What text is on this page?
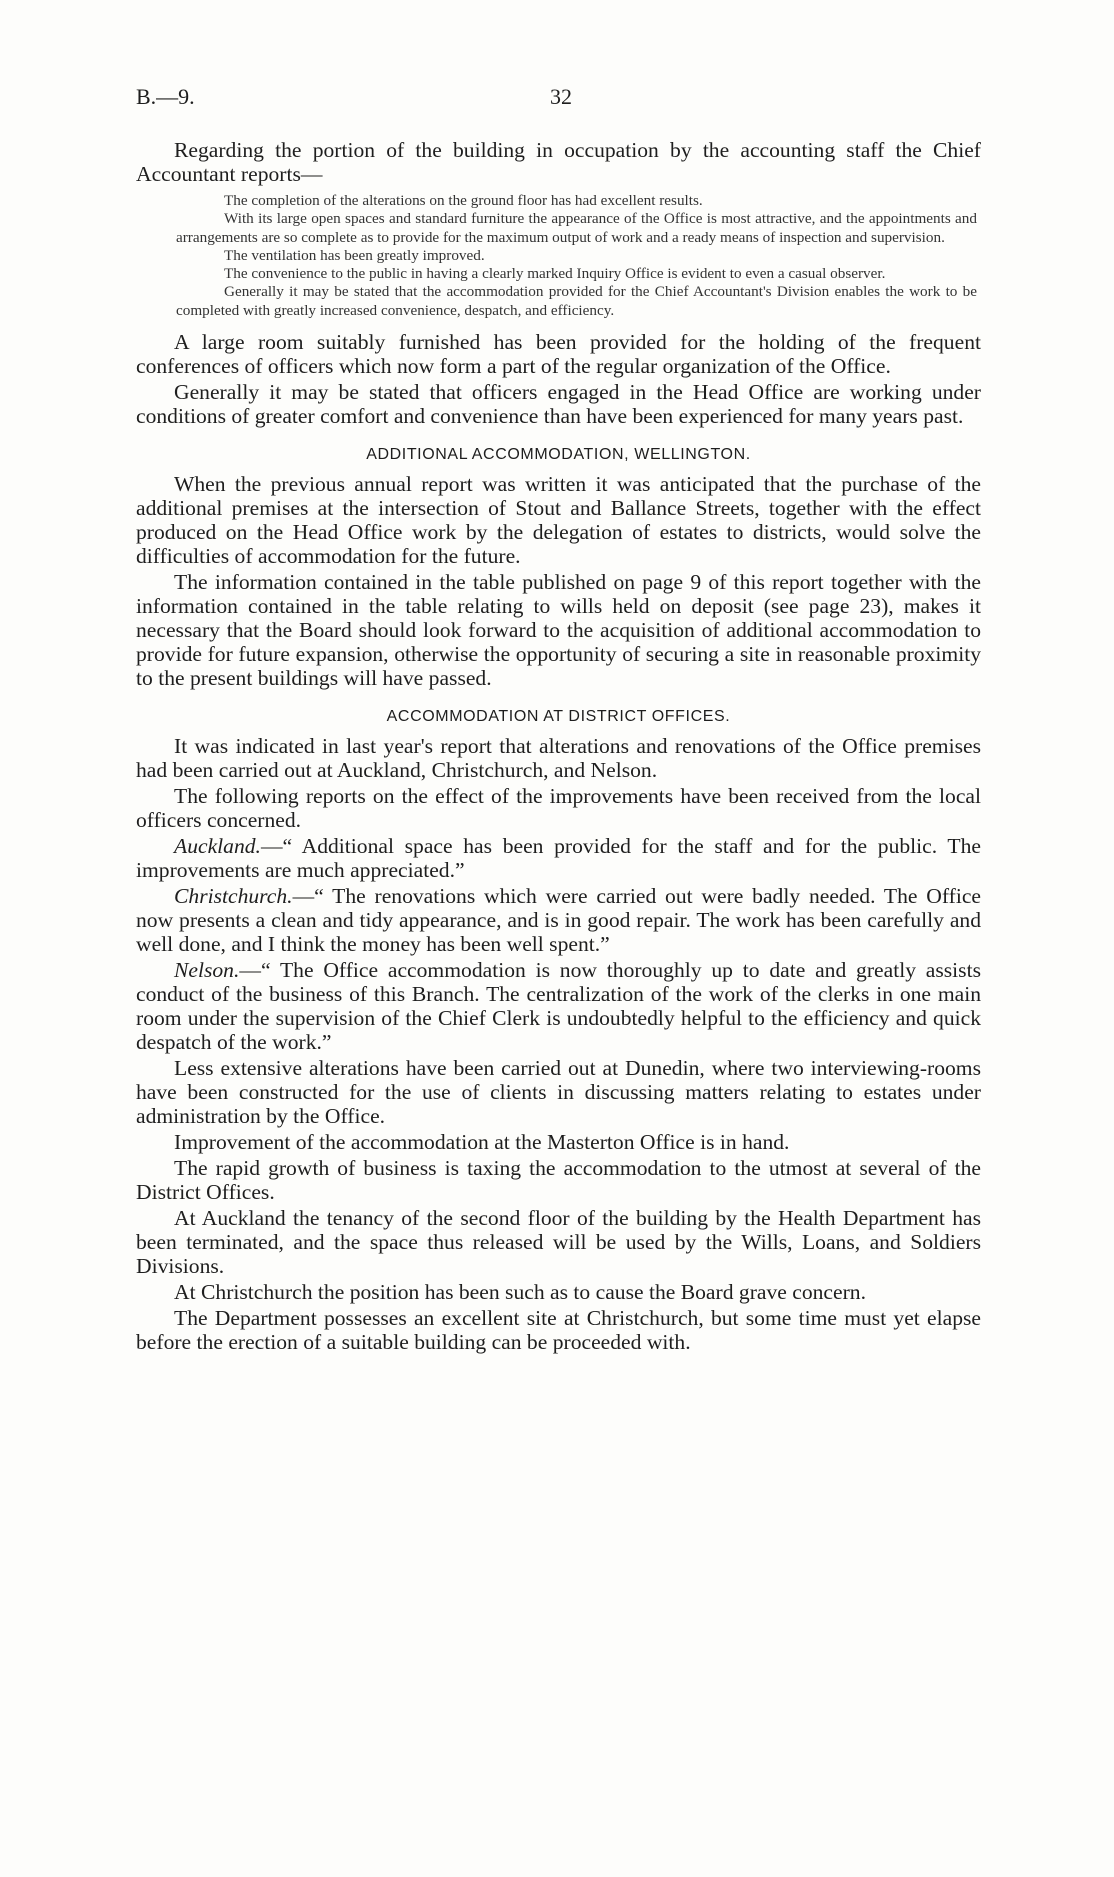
B.—9.	32

Regarding the portion of the building in occupation by the accounting staff the Chief Accountant reports—

The completion of the alterations on the ground floor has had excellent results.

With its large open spaces and standard furniture the appearance of the Office is most attractive, and the appointments and arrangements are so complete as to provide for the maximum output of work and a ready means of inspection and supervision.

The ventilation has been greatly improved.

The convenience to the public in having a clearly marked Inquiry Office is evident to even a casual observer.

Generally it may be stated that the accommodation provided for the Chief Accountant's Division enables the work to be completed with greatly increased convenience, despatch, and efficiency.

A large room suitably furnished has been provided for the holding of the frequent conferences of officers which now form a part of the regular organization of the Office.

Generally it may be stated that officers engaged in the Head Office are working under conditions of greater comfort and convenience than have been experienced for many years past.

ADDITIONAL ACCOMMODATION, WELLINGTON.

When the previous annual report was written it was anticipated that the purchase of the additional premises at the intersection of Stout and Ballance Streets, together with the effect produced on the Head Office work by the delegation of estates to districts, would solve the difficulties of accommodation for the future.

The information contained in the table published on page 9 of this report together with the information contained in the table relating to wills held on deposit (see page 23), makes it necessary that the Board should look forward to the acquisition of additional accommodation to provide for future expansion, otherwise the opportunity of securing a site in reasonable proximity to the present buildings will have passed.

ACCOMMODATION AT DISTRICT OFFICES.

It was indicated in last year's report that alterations and renovations of the Office premises had been carried out at Auckland, Christchurch, and Nelson.

The following reports on the effect of the improvements have been received from the local officers concerned.

Auckland.—“ Additional space has been provided for the staff and for the public. The improvements are much appreciated.”

Christchurch.—“ The renovations which were carried out were badly needed. The Office now presents a clean and tidy appearance, and is in good repair. The work has been carefully and well done, and I think the money has been well spent.”

Nelson.—“ The Office accommodation is now thoroughly up to date and greatly assists conduct of the business of this Branch. The centralization of the work of the clerks in one main room under the supervision of the Chief Clerk is undoubtedly helpful to the efficiency and quick despatch of the work.”

Less extensive alterations have been carried out at Dunedin, where two interviewing-rooms have been constructed for the use of clients in discussing matters relating to estates under administration by the Office.

Improvement of the accommodation at the Masterton Office is in hand.

The rapid growth of business is taxing the accommodation to the utmost at several of the District Offices.

At Auckland the tenancy of the second floor of the building by the Health Department has been terminated, and the space thus released will be used by the Wills, Loans, and Soldiers Divisions.

At Christchurch the position has been such as to cause the Board grave concern.

The Department possesses an excellent site at Christchurch, but some time must yet elapse before the erection of a suitable building can be proceeded with.
